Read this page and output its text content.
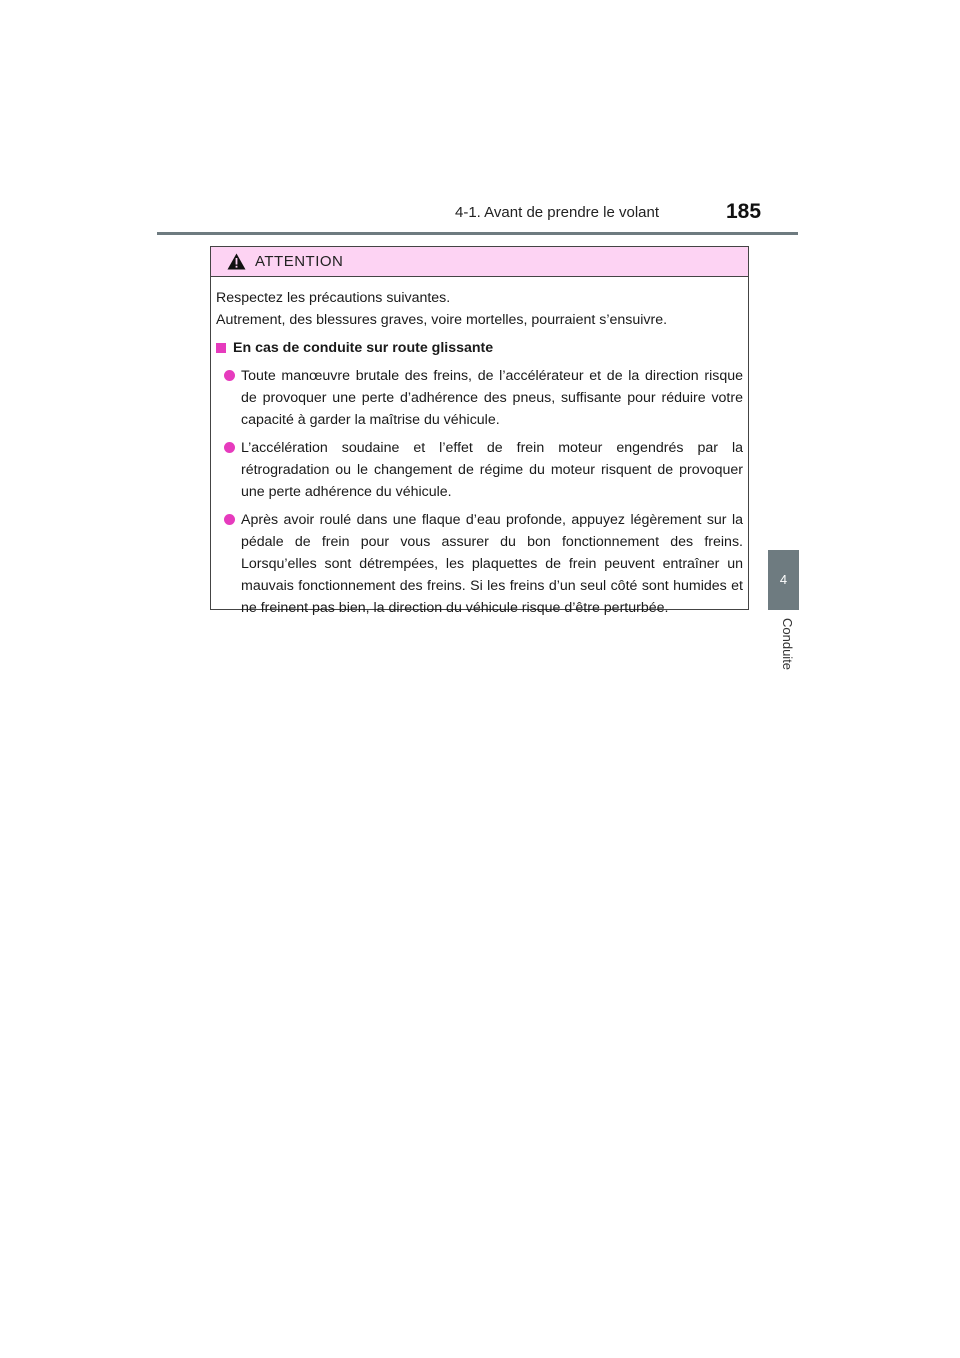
4-1. Avant de prendre le volant	185
4
Conduite
ATTENTION

Respectez les précautions suivantes.

Autrement, des blessures graves, voire mortelles, pourraient s’ensuivre.

En cas de conduite sur route glissante

Toute manœuvre brutale des freins, de l’accélérateur et de la direction risque de provoquer une perte d’adhérence des pneus, suffisante pour réduire votre capacité à garder la maîtrise du véhicule.

L’accélération soudaine et l’effet de frein moteur engendrés par la rétrogradation ou le changement de régime du moteur risquent de provoquer une perte adhérence du véhicule.

Après avoir roulé dans une flaque d’eau profonde, appuyez légèrement sur la pédale de frein pour vous assurer du bon fonctionnement des freins. Lorsqu’elles sont détrempées, les plaquettes de frein peuvent entraîner un mauvais fonctionnement des freins. Si les freins d’un seul côté sont humides et ne freinent pas bien, la direction du véhicule risque d’être perturbée.
